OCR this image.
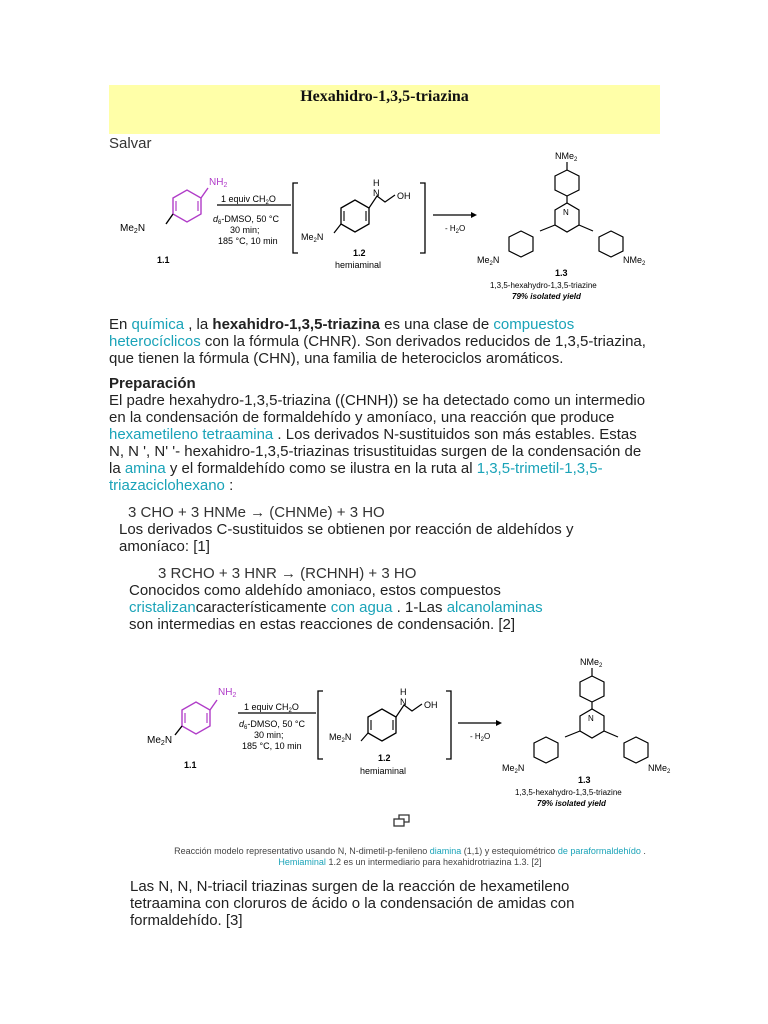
Hexahidro-1,3,5-triazina
Salvar
$NH_2$
$Me_2N$
1.1
1 equiv $CH_2O$
$d_6$-DMSO, 50 °C
30 min;
185 °C, 10 min
H
N OH
$Me_2N$
1.2
hemiaminal
- $H_2O$
NMe$_2$
N
$Me_2N$	NMe$_2$
1.3
1,3,5-hexahydro-1,3,5-triazine
79% isolated yield

En química , la hexahidro-1,3,5-triazina es una clase de compuestos heterocíclicos con la fórmula (CHNR). Son derivados reducidos de 1,3,5-triazina, que tienen la fórmula (CHN), una familia de heterociclos aromáticos.

Preparación

El padre hexahydro-1,3,5-triazina ((CHNH)) se ha detectado como un intermedio en la condensación de formaldehído y amoníaco, una reacción que produce hexametileno tetraamina . Los derivados N-sustituidos son más estables. Estas N, N ', N' '- hexahidro-1,3,5-triazinas trisustituidas surgen de la condensación de la amina y el formaldehído como se ilustra en la ruta al 1,3,5-trimetil-1,3,5-triazaciclohexano :

3 CHO + 3 HNMe → (CHNMe) + 3 HO

Los derivados C-sustituidos se obtienen por reacción de aldehídos y amoníaco: [1]

3 RCHO + 3 HNR → (RCHNH) + 3 HO

Conocidos como aldehído amoniaco, estos compuestos cristalizancaracterísticamente con agua . 1-Las alcanolaminas son intermedias en estas reacciones de condensación. [2]

$NH_2$
$Me_2N$
1.1
1 equiv $CH_2O$
$d_6$-DMSO, 50 °C
30 min;
185 °C, 10 min
H
N OH
$Me_2N$
1.2
hemiaminal
- $H_2O$
NMe$_2$
N
$Me_2N$	NMe$_2$
1.3
1,3,5-hexahydro-1,3,5-triazine
79% isolated yield
Reacción modelo representativo usando N, N-dimetil-p-fenileno diamina (1,1) y estequiométrico de paraformaldehído . Hemiaminal 1.2 es un intermediario para hexahidrotriazina 1.3. [2]

Las N, N, N-triacil triazinas surgen de la reacción de hexametileno tetraamina con cloruros de ácido o la condensación de amidas con formaldehído. [3]
